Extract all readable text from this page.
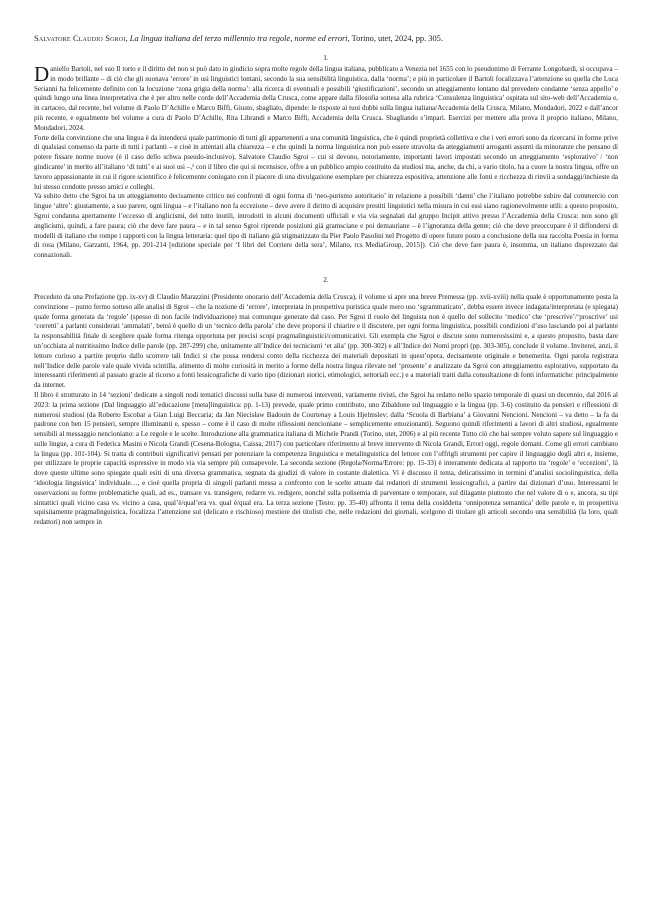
Salvatore Claudio Sgroi, La lingua italiana del terzo millennio tra regole, norme ed errori, Torino, utet, 2024, pp. 305.

1.

Daniello Bartoli, nel suo Il torto e il diritto del non si può dato in giudicio sopra molte regole della lingua italiana, pubblicato a Venezia nel 1655 con lo pseudonimo di Ferrante Longobardi, si occupava – in modo brillante – di ciò che gli suonava ‘errore’ in usi linguistici lontani, secondo la sua sensibilità linguistica, dalla ‘norma’; e più in particolare il Bartoli focalizzava l’attenzione su quella che Luca Serianni ha felicemente definito con la locuzione ‘zona grigia della norma’: alla ricerca di eventuali e possibili ‘giustificazioni’, secondo un atteggiamento lontano dal prevedere condanne ‘senza appello’ e quindi lungo una linea interpretativa che è per altro nelle corde dell’Accademia della Crusca, come appare dalla filosofia sottesa alla rubrica ‘Consulenza linguistica’ ospitata sul sito-web dell’Accademia e, in cartaceo, dal recente, bel volume di Paolo D’Achille e Marco Biffi, Giusto, sbagliato, dipende: le risposte ai tuoi dubbi sulla lingua italiana/Accademia della Crusca, Milano, Mondadori, 2022 e dall’ancor più recente, e egualmente bel volume a cura di Paolo D’Achille, Rita Librandi e Marco Biffi, Accademia della Crusca. Sbagliando s’impari. Esercizi per mettere alla prova il proprio italiano, Milano, Mondadori, 2024.

Forte della convinzione che una lingua è da intendersi quale patrimonio di tutti gli appartenenti a una comunità linguistica, che è quindi proprietà collettiva e che i veri errori sono da ricercarsi in forme prive di qualsiasi consenso da parte di tutti i parlanti – e cioè in attentati alla chiarezza – e che quindi la norma linguistica non può essere stravolta da atteggiamenti arroganti assunti da minoranze che pensano di potere fissare norme nuove (è il caso dello schwa pseudo-inclusivo), Salvatore Claudio Sgroi – cui si devono, notoriamente, importanti lavori impostati secondo un atteggiamento ‘esplorativo’ / ‘non giudicante’ in merito all’italiano ‘di tutti’ e ai suoi usi –,¹ con il libro che qui si recensisce, offre a un pubblico ampio costituito da studiosi ma, anche, da chi, a vario titolo, ha a cuore la nostra lingua, offre un lavoro appassionante in cui il rigore scientifico è felicemente coniugato con il piacere di una divulgazione esemplare per chiarezza espositiva, attenzione alle fonti e ricchezza di rinvii a sondaggi/inchieste da lui stesso condotte presso amici e colleghi.

Va subito detto che Sgroi ha un atteggiamento decisamente critico nei confronti di ogni forma di ‘neo-purismo autoritario’ in relazione a possibili ‘danni’ che l’italiano potrebbe subire dal commercio con lingue ‘altre’: giustamente, a suo parere, ogni lingua – e l’italiano non fa eccezione – deve avere il diritto di acquisire prestiti linguistici nella misura in cui essi siano ragionevolmente utili: a questo proposito, Sgroi condanna apertamente l’eccesso di anglicismi, del tutto inutili, introdotti in alcuni documenti ufficiali e via via segnalati dal gruppo Incipit attivo presso l’Accademia della Crusca: non sono gli anglicismi, quindi, a fare paura; ciò che deve fare paura – e in tal senso Sgroi riprende posizioni già gramsciane e poi demauriane – è l’ignoranza della gente; ciò che deve preoccupare è il diffondersi di modelli di italiano che rompe i rapporti con la lingua letteraria: quel tipo di italiano già stigmatizzato da Pier Paolo Pasolini nel Progetto di opere future posto a conclusione della sua raccolta Poesia in forma di rosa (Milano, Garzanti, 1964, pp. 201-214 [edizione speciale per ‘I libri del Corriere della sera’, Milano, rcs MediaGroup, 2015]). Ciò che deve fare paura è, insomma, un italiano disprezzato dai connazionali.

2.

Preceduto da una Prefazione (pp. ix-xv) di Claudio Marazzini (Presidente onorario dell’Accademia della Crusca), il volume si apre una breve Premessa (pp. xvii-xviii) nella quale è opportunamente posta la convinzione – punto fermo sotteso alle analisi di Sgroi – che la nozione di ‘errore’, interpretata in prospettiva puristica quale mero uso ‘sgrammaticato’, debba essere invece indagata/interpretata (e spiegata) quale forma generata da ‘regole’ (spesso di non facile individuazione) mai comunque generate dal caso. Per Sgroi il ruolo del linguista non è quello del sollecito ‘medico’ che ‘prescrive’/‘proscrive’ usi ‘corretti’ a parlanti considerati ‘ammalati’, bensì è quello di un ‘tecnico della parola’ che deve proporsi il chiarire e il discutere, per ogni forma linguistica, possibili condizioni d’uso lasciando poi al parlante la responsabilità finale di scegliere quale forma ritenga opportuna per precisi scopi pragmalinguistici/comunicativi. Gli exempla che Sgroi e discute sono numerosissimi e, a questo proposito, basta dare un’occhiata al nutritissimo Indice delle parole (pp. 287-299) che, unitamente all’Indice dei tecnicismi ‘et alia’ (pp. 300-302) e all’Indice dei Nomi propri (pp. 303-305), conclude il volume. Inviterei, anzi, il lettore curioso a partire proprio dallo scorrere tali Indici si che possa rendersi conto della ricchezza dei materiali depositati in quest’opera, decisamente originale e benemerita. Ogni parola registrata nell’Indice delle parole vale quale vivida scintilla, alimento di molte curiosità in merito a forme della nostra lingua rilevate nel ‘presente’ e analizzate da Sgroi con atteggiamento esplorativo, supportato da interessanti riferimenti al passato grazie al ricorso a fonti lessicografiche di vario tipo (dizionari storici, etimologici, settoriali ecc.) e a materiali tratti dalla consultazione di fonti informatiche: principalmente da internet.

Il libro è strutturato in 14 ‘sezioni’ dedicate a singoli nodi tematici discussi sulla base di numerosi interventi, variamente rivisti, che Sgroi ha redatto nello spazio temporale di quasi un decennio, dal 2016 al 2023: la prima sezione (Dal linguaggio all’educazione [meta]linguistica: pp. 1-13) prevede, quale primo contributo, uno Zibaldone sul linguaggio e la lingua (pp. 3-6) costituito da pensieri e riflessioni di numerosi studiosi (da Roberto Escobar a Gian Luigi Beccaria; da Jan Niecisław Badouin de Courtenay a Louis Hjelmslev; dalla ‘Scuola di Barbiana’ a Giovanni Nencioni. Nencioni – va detto – la fa da padrone con ben 15 pensieri, sempre illuminanti e, spesso – come è il caso di molte riflessioni nencioniane – semplicemente emozionanti). Seguono quindi riferimenti a lavori di altri studiosi, egualmente sensibili al messaggio nencioniano: a Le regole e le scelte. Introduzione alla grammatica italiana di Michele Prandi (Torino, utet, 2006) e al più recente Tutto ciò che hai sempre voluto sapere sul linguaggio e sulle lingue, a cura di Federica Masini e Nicola Grandi (Cesena-Bologna, Caissa, 2017) con particolare riferimento al breve intervento di Nicola Grandi, Errori oggi, regole domani. Come gli errori cambiano la lingua (pp. 101-104). Si tratta di contributi significativi pensati per potenziare la competenza linguistica e metalinguistica del lettore con l’offrigli strumenti per capire il linguaggio degli altri e, insieme, per utilizzare le proprie capacità espressive in modo via via sempre più consapevole. La seconda sezione (Regola/Norma/Errore: pp. 15-33) è interamente dedicata al rapporto tra ‘regole’ e ‘eccezioni’, là dove queste ultime sono spiegate quali esiti di una diversa grammatica, segnata da giudizi di valore in costante dialettica. Vi è discusso il tema, delicatissimo in termini d’analisi sociolinguistica, della ‘ideologia linguistica’ individuale…, e cioè quella propria di singoli parlanti messa a confronto con le scelte attuate dai redattori di strumenti lessicografici, a partire dai dizionari d’uso. Interessanti le osservazioni su forme problematiche quali, ad es., transare vs. transigere, redarre vs. redigere, nonché sulla polisemia di parventare e temporare, sul dilagante piuttosto che nel valore di o e, ancora, su tipi sintattici quali vicino casa vs. vicino a casa, qual’è/qual’era vs. qual è/qual era. La terza sezione (Testo: pp. 35-40) affronta il tema della cosiddetta ‘onnipotenza semantica’ delle parole e, in prospettiva squisitamente pragmalinguistica, focalizza l’attenzione sul (delicato e rischioso) mestiere dei titolisti che, nelle redazioni dei giornali, scelgono di titolare gli articoli secondo una sensibilità (la loro, quali redattori) non sempre in
